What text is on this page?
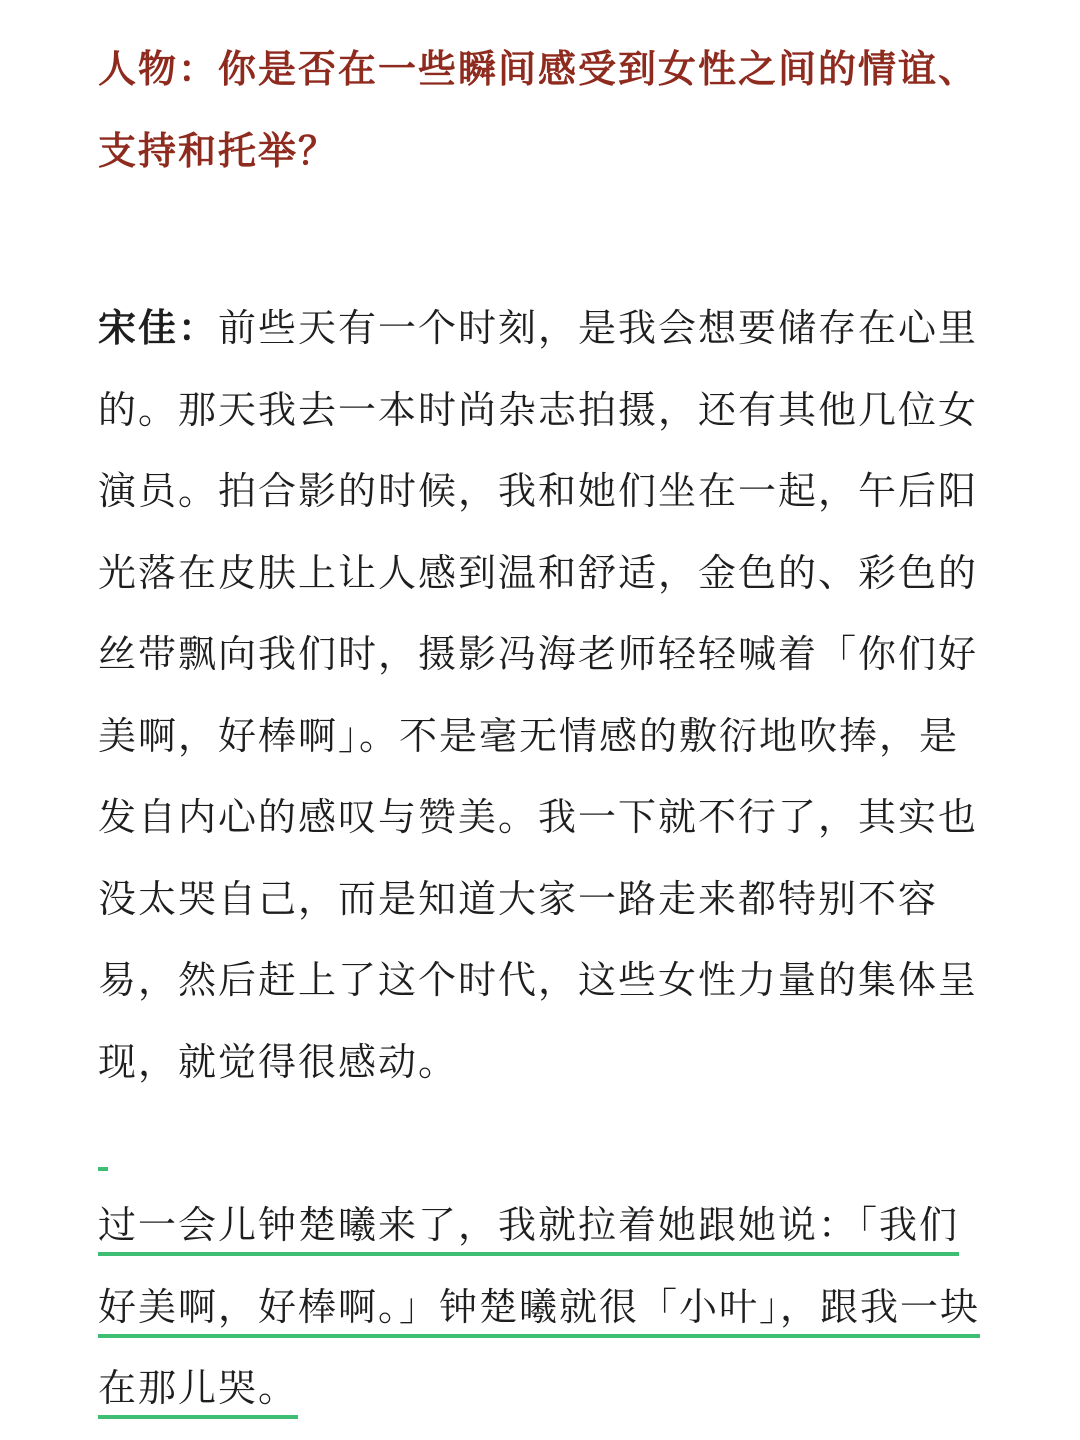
人物：你是否在一些瞬间感受到女性之间的情谊、支持和托举？

宋佳：前些天有一个时刻，是我会想要储存在心里的。那天我去一本时尚杂志拍摄，还有其他几位女演员。拍合影的时候，我和她们坐在一起，午后阳光落在皮肤上让人感到温和舒适，金色的、彩色的丝带飘向我们时，摄影冯海老师轻轻喊着「你们好美啊，好棒啊」。不是毫无情感的敷衍地吹捧，是发自内心的感叹与赞美。我一下就不行了，其实也没太哭自己，而是知道大家一路走来都特别不容易，然后赶上了这个时代，这些女性力量的集体呈现，就觉得很感动。

过一会儿钟楚曦来了，我就拉着她跟她说：「我们好美啊，好棒啊。」钟楚曦就很「小叶」，跟我一块在那儿哭。
